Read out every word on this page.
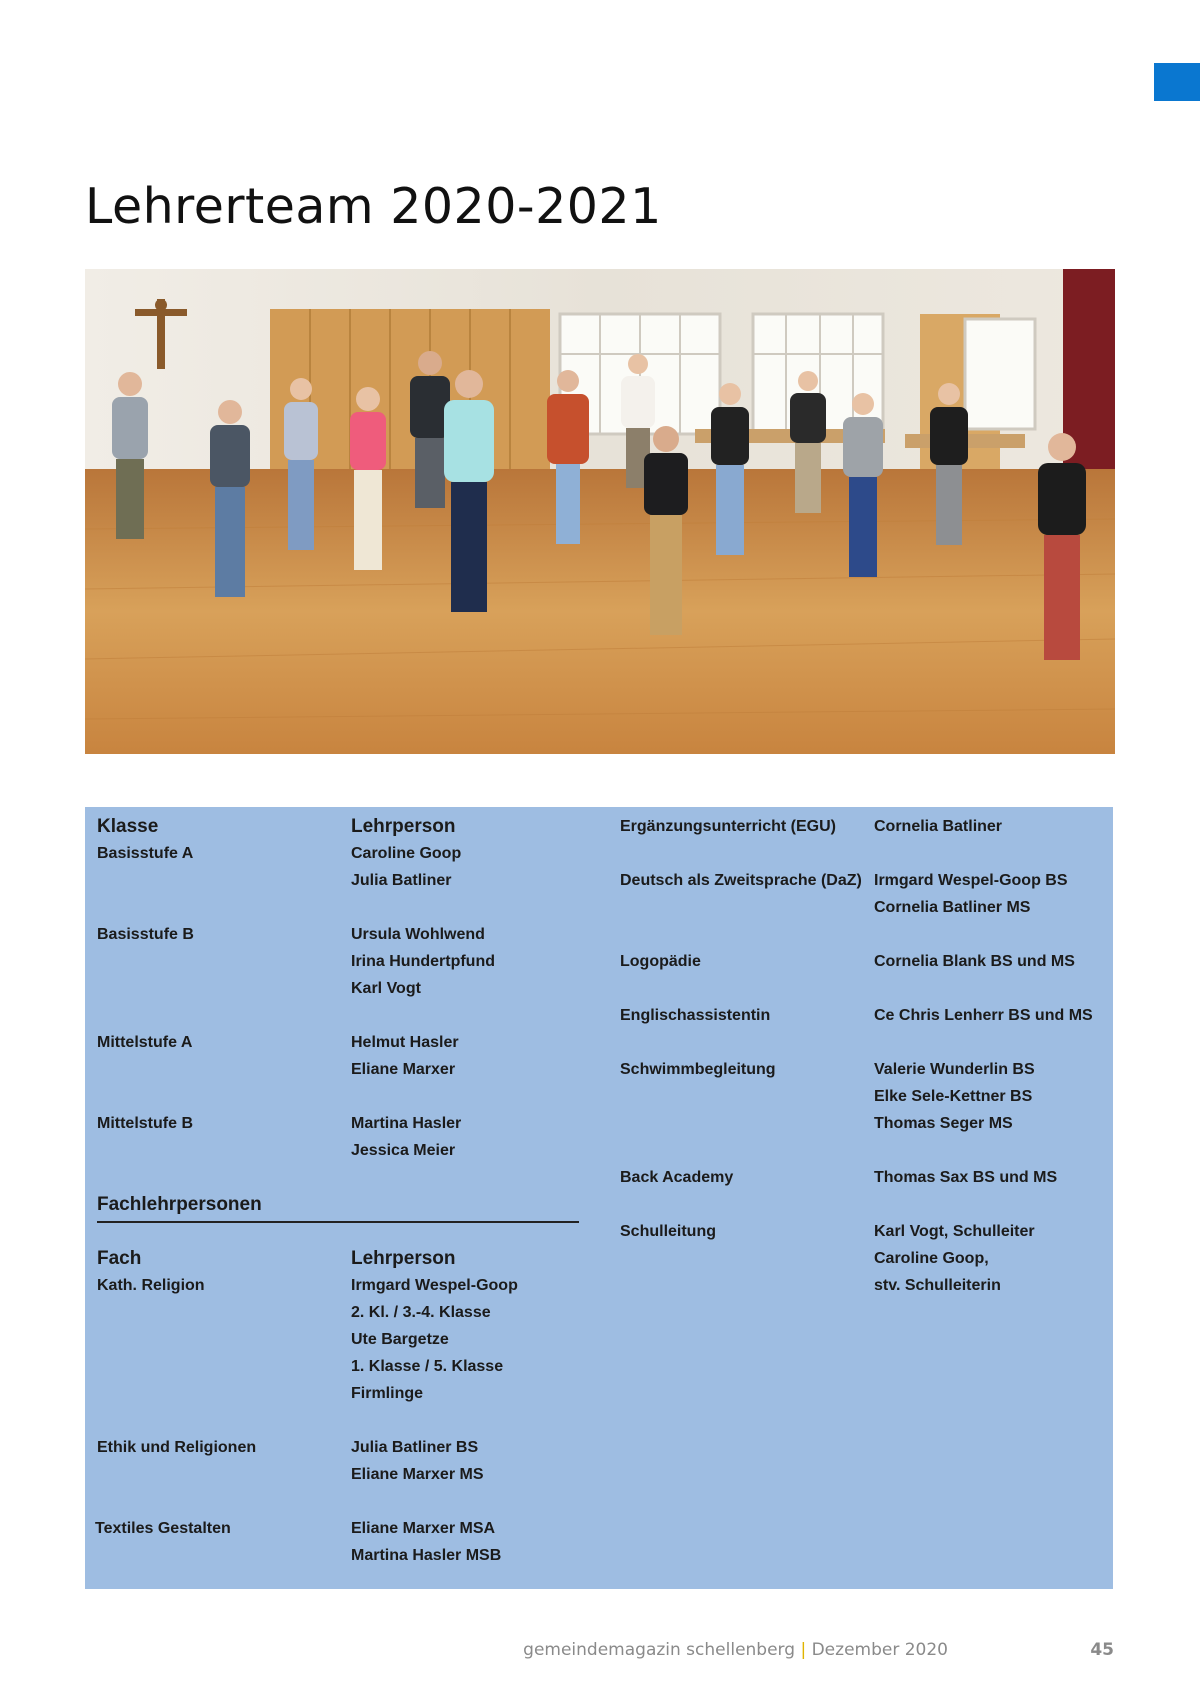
Lehrerteam 2020-2021
Klasse	Lehrperson
Basisstufe A	Caroline Goop
Julia Batliner
Basisstufe B	Ursula Wohlwend
Irina Hundertpfund
Karl Vogt
Mittelstufe A	Helmut Hasler
Eliane Marxer
Mittelstufe B	Martina Hasler
Jessica Meier
Fachlehrpersonen
Fach	Lehrperson
Kath. Religion	Irmgard Wespel-Goop
2. Kl. / 3.-4. Klasse
Ute Bargetze
1. Klasse / 5. Klasse
Firmlinge
Ethik und Religionen	Julia Batliner BS
Eliane Marxer MS
Textiles Gestalten	Eliane Marxer MSA
Martina Hasler MSB
Ergänzungsunterricht (EGU) Cornelia Batliner
Deutsch als Zweitsprache (DaZ) Irmgard Wespel-Goop BS
Cornelia Batliner MS
Logopädie	Cornelia Blank BS und MS
Englischassistentin	Ce Chris Lenherr BS und MS
Schwimmbegleitung	Valerie Wunderlin BS
Elke Sele-Kettner BS
Thomas Seger MS
Back Academy	Thomas Sax BS und MS
Schulleitung	Karl Vogt, Schulleiter
Caroline Goop,
stv. Schulleiterin
gemeindemagazin schellenberg | Dezember 2020	45
